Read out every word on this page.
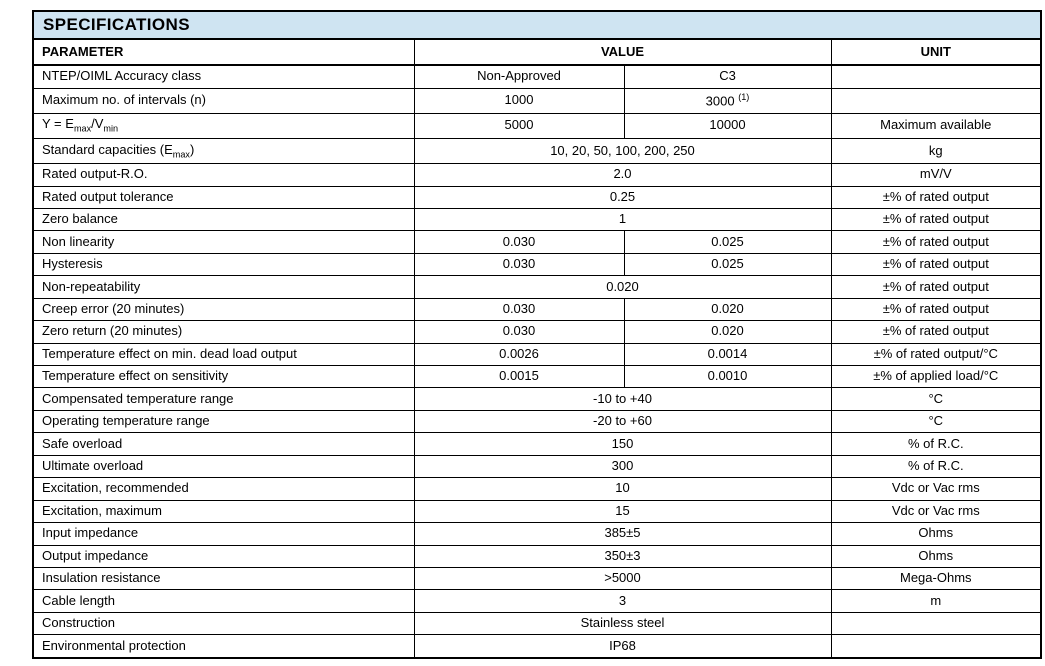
SPECIFICATIONS			
PARAMETER	VALUE		UNIT
NTEP/OIML Accuracy class	Non-Approved	C3	
Maximum no. of intervals (n)	1000	3000 $^{(1)}$	
$Y = E_{max}/V_{min}$	5000	10000	Maximum available
Standard capacities $(E_{max})$	10, 20, 50, 100, 200, 250		kg
Rated output-R.O.	2.0		mV/V
Rated output tolerance	0.25		±% of rated output
Zero balance	1		±% of rated output
Non linearity	0.030	0.025	±% of rated output
Hysteresis	0.030	0.025	±% of rated output
Non-repeatability	0.020		±% of rated output
Creep error (20 minutes)	0.030	0.020	±% of rated output
Zero return (20 minutes)	0.030	0.020	±% of rated output
Temperature effect on min. dead load output	0.0026	0.0014	±% of rated output/°C
Temperature effect on sensitivity	0.0015	0.0010	±% of applied load/°C
Compensated temperature range	-10 to +40		°C
Operating temperature range	-20 to +60		°C
Safe overload	150		% of R.C.
Ultimate overload	300		% of R.C.
Excitation, recommended	10		Vdc or Vac rms
Excitation, maximum	15		Vdc or Vac rms
Input impedance	385±5		Ohms
Output impedance	350±3		Ohms
Insulation resistance	>5000		Mega-Ohms
Cable length	3		m
Construction	Stainless steel		
Environmental protection	IP68		
